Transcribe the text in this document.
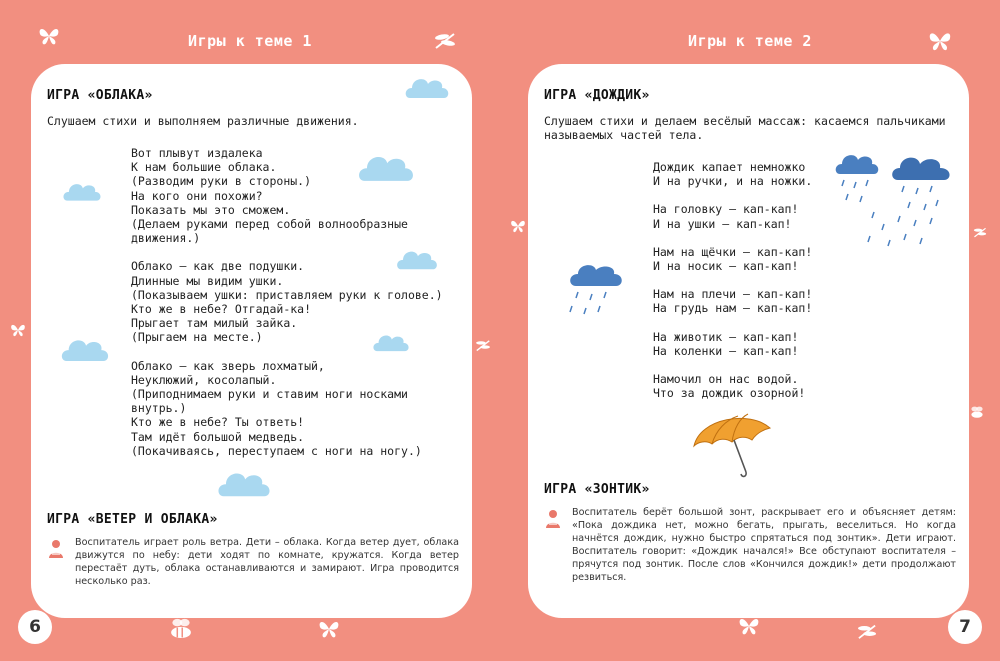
Игры к теме 1	Игры к теме 2
ИГРА «ОБЛАКА»
Слушаем стихи и выполняем различные движения.
Вот плывут издалека
К нам большие облака.
(Разводим руки в стороны.)
На кого они похожи?
Показать мы это сможем.
(Делаем руками перед собой волнообразные
движения.)
Облако – как две подушки.
Длинные мы видим ушки.
(Показываем ушки: приставляем руки к голове.)
Кто же в небе? Отгадай-ка!
Прыгает там милый зайка.
(Прыгаем на месте.)
Облако – как зверь лохматый,
Неуклюжий, косолапый.
(Приподнимаем руки и ставим ноги носками
внутрь.)
Кто же в небе? Ты ответь!
Там идёт большой медведь.
(Покачиваясь, переступаем с ноги на ногу.)
ИГРА «ВЕТЕР И ОБЛАКА»
Воспитатель играет роль ветра. Дети – облака. Когда ветер дует, облака движутся по небу: дети ходят по комнате, кружатся. Когда ветер перестаёт дуть, облака останавливаются и замирают. Игра проводится несколько раз.
ИГРА «ДОЖДИК»
Слушаем стихи и делаем весёлый массаж: касаемся пальчиками называемых частей тела.
Дождик капает немножко
И на ручки, и на ножки.
На головку – кап-кап!
И на ушки – кап-кап!
Нам на щёчки – кап-кап!
И на носик – кап-кап!
Нам на плечи – кап-кап!
На грудь нам – кап-кап!
На животик – кап-кап!
На коленки – кап-кап!
Намочил он нас водой.
Что за дождик озорной!
ИГРА «ЗОНТИК»
Воспитатель берёт большой зонт, раскрывает его и объясняет детям: «Пока дождика нет, можно бегать, прыгать, веселиться. Но когда начнётся дождик, нужно быстро спрятаться под зонтик». Дети играют. Воспитатель говорит: «Дождик начался!» Все обступают воспитателя – прячутся под зонтик. После слов «Кончился дождик!» дети продолжают резвиться.
6	7
